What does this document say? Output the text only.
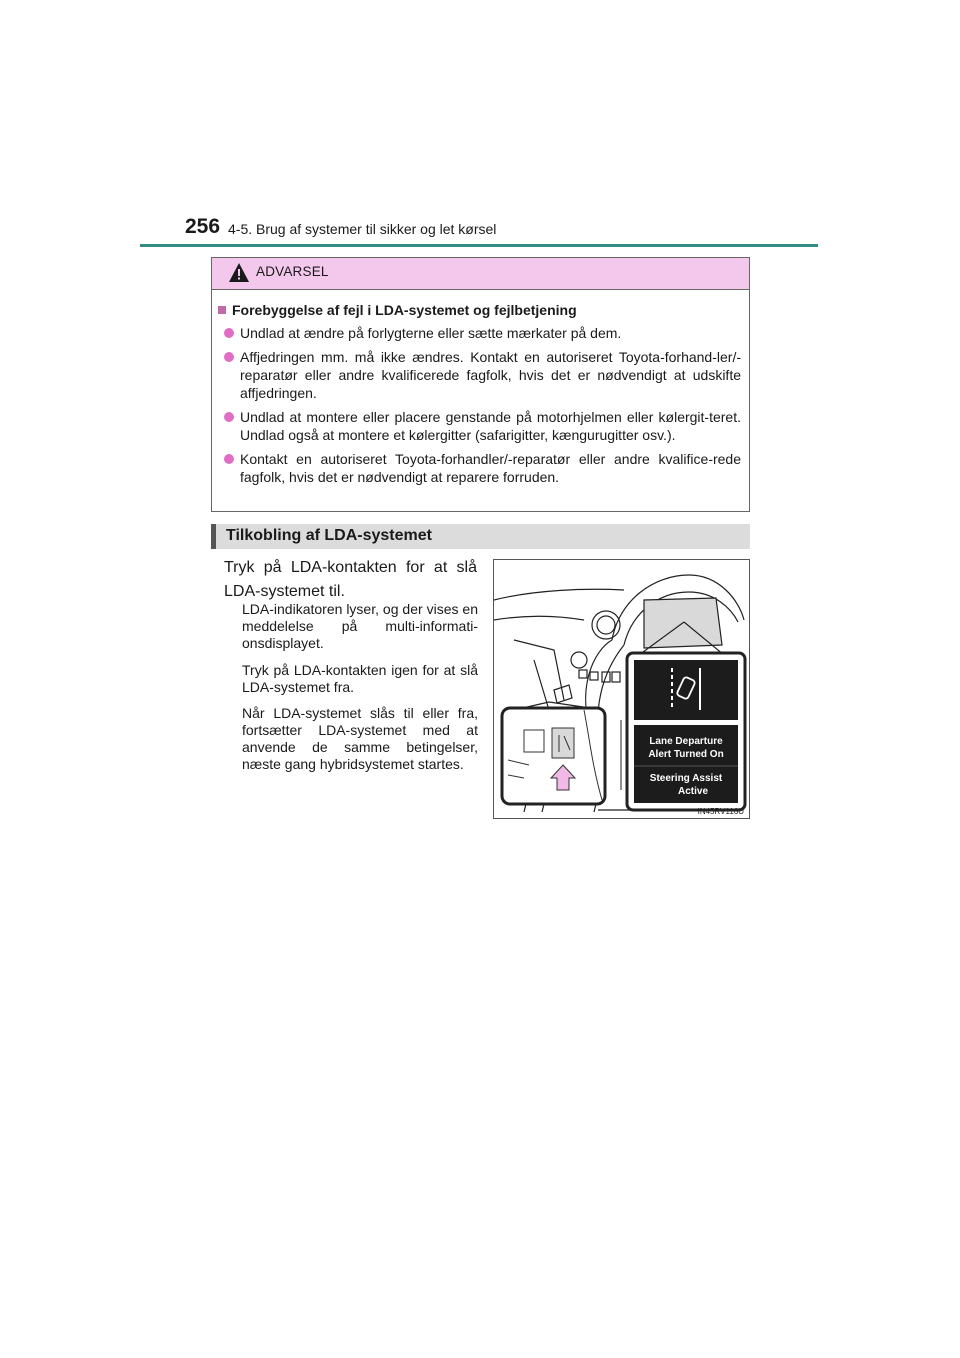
256 4-5. Brug af systemer til sikker og let kørsel
ADVARSEL
Forebyggelse af fejl i LDA-systemet og fejlbetjening
Undlad at ændre på forlygterne eller sætte mærkater på dem.
Affjedringen mm. må ikke ændres. Kontakt en autoriseret Toyota-forhand-ler/-reparatør eller andre kvalificerede fagfolk, hvis det er nødvendigt at udskifte affjedringen.
Undlad at montere eller placere genstande på motorhjelmen eller kølergit-teret. Undlad også at montere et kølergitter (safarigitter, kængurugitter osv.).
Kontakt en autoriseret Toyota-forhandler/-reparatør eller andre kvalifice-rede fagfolk, hvis det er nødvendigt at reparere forruden.
Tilkobling af LDA-systemet
Tryk på LDA-kontakten for at slå LDA-systemet til.
LDA-indikatoren lyser, og der vises en meddelelse på multi-informati-onsdisplayet.
Tryk på LDA-kontakten igen for at slå LDA-systemet fra.
Når LDA-systemet slås til eller fra, fortsætter LDA-systemet med at anvende de samme betingelser, næste gang hybridsystemet startes.
Lane Departure
Alert Turned On
Steering Assist
Active
IN45RV116U
